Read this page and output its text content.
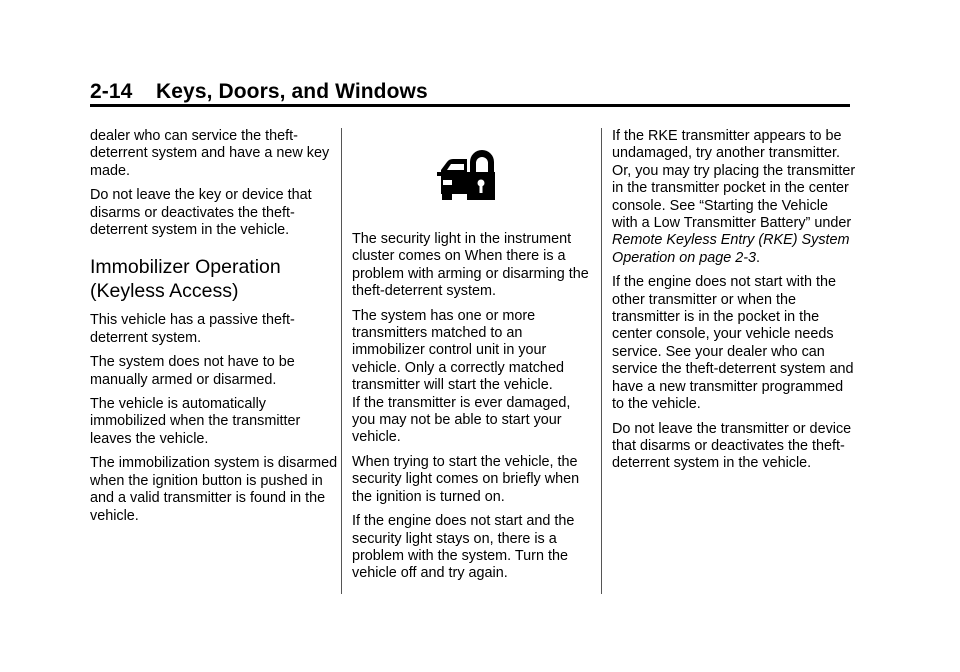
2-14 Keys, Doors, and Windows

dealer who can service the theft-deterrent system and have a new key made.

Do not leave the key or device that disarms or deactivates the theft-deterrent system in the vehicle.

Immobilizer Operation
(Keyless Access)

This vehicle has a passive theft-deterrent system.

The system does not have to be manually armed or disarmed.

The vehicle is automatically immobilized when the transmitter leaves the vehicle.

The immobilization system is disarmed when the ignition button is pushed in and a valid transmitter is found in the vehicle.

The security light in the instrument cluster comes on When there is a problem with arming or disarming the theft-deterrent system.

The system has one or more transmitters matched to an immobilizer control unit in your vehicle. Only a correctly matched transmitter will start the vehicle.

If the transmitter is ever damaged, you may not be able to start your vehicle.

When trying to start the vehicle, the security light comes on briefly when the ignition is turned on.

If the engine does not start and the security light stays on, there is a problem with the system. Turn the vehicle off and try again.

If the RKE transmitter appears to be undamaged, try another transmitter. Or, you may try placing the transmitter in the transmitter pocket in the center console. See “Starting the Vehicle with a Low Transmitter Battery” under Remote Keyless Entry (RKE) System Operation on page 2-3.

If the engine does not start with the other transmitter or when the transmitter is in the pocket in the center console, your vehicle needs service. See your dealer who can service the theft-deterrent system and have a new transmitter programmed to the vehicle.

Do not leave the transmitter or device that disarms or deactivates the theft-deterrent system in the vehicle.
